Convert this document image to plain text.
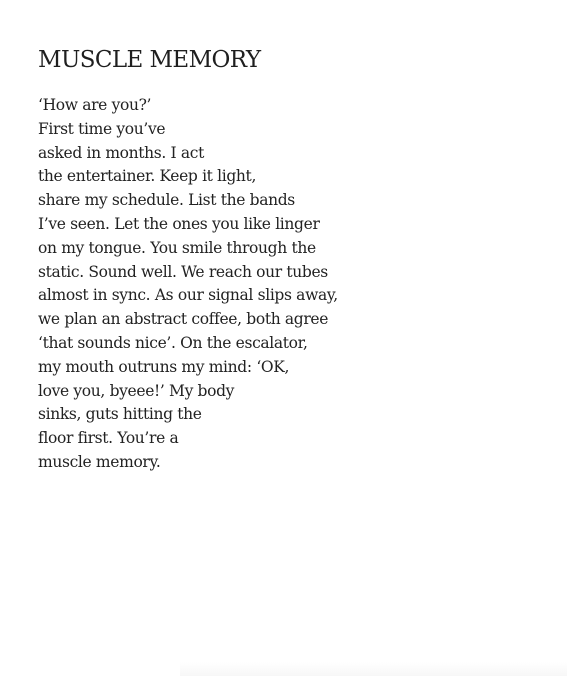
MUSCLE MEMORY
‘How are you?’
First time you’ve
asked in months. I act
the entertainer. Keep it light,
share my schedule. List the bands
I’ve seen. Let the ones you like linger
on my tongue. You smile through the
static. Sound well. We reach our tubes
almost in sync. As our signal slips away,
we plan an abstract coffee, both agree
‘that sounds nice’. On the escalator,
my mouth outruns my mind: ‘OK,
love you, byeee!’ My body
sinks, guts hitting the
floor first. You’re a
muscle memory.
